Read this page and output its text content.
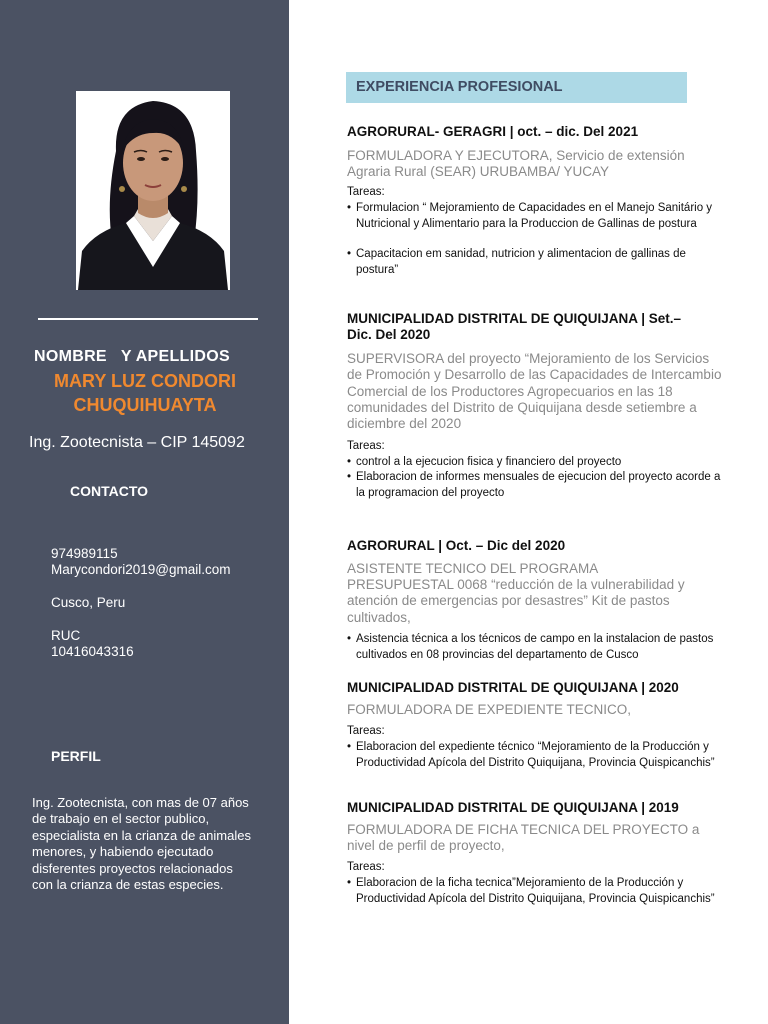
NOMBRE   Y APELLIDOS
MARY LUZ CONDORI
CHUQUIHUAYTA
Ing. Zootecnista – CIP 145092
CONTACTO
974989115
Marycondori2019@gmail.com
Cusco, Peru
RUC
10416043316
PERFIL
Ing. Zootecnista, con mas de 07 años de trabajo en el sector publico, especialista en la crianza de animales menores, y habiendo ejecutado disferentes proyectos relacionados con la crianza de estas especies.
EXPERIENCIA PROFESIONAL
AGRORURAL- GERAGRI | oct. – dic. Del 2021
FORMULADORA Y EJECUTORA, Servicio de extensión
Agraria Rural (SEAR) URUBAMBA/ YUCAY
Tareas:
• Formulacion “ Mejoramiento de Capacidades en el Manejo Sanitário y Nutricional y Alimentario para la Produccion de Gallinas de postura
• Capacitacion em sanidad, nutricion y alimentacion de gallinas de postura”
MUNICIPALIDAD DISTRITAL DE QUIQUIJANA | Set.–
Dic. Del 2020
SUPERVISORA del proyecto “Mejoramiento de los Servicios de Promoción y Desarrollo de las Capacidades de Intercambio Comercial de los Productores Agropecuarios en las 18 comunidades del Distrito de Quiquijana desde setiembre a diciembre del 2020
Tareas:
• control a la ejecucion fisica y financiero del proyecto
• Elaboracion de informes mensuales de ejecucion del proyecto acorde a la programacion del proyecto
AGRORURAL | Oct. – Dic del 2020
ASISTENTE TECNICO DEL PROGRAMA
PRESUPUESTAL 0068 “reducción de la vulnerabilidad y atención de emergencias por desastres” Kit de pastos cultivados,
• Asistencia técnica a los técnicos de campo en la instalacion de pastos cultivados en 08 provincias del departamento de Cusco
MUNICIPALIDAD DISTRITAL DE QUIQUIJANA | 2020
FORMULADORA DE EXPEDIENTE TECNICO,
Tareas:
• Elaboracion del expediente técnico “Mejoramiento de la Producción y Productividad Apícola del Distrito Quiquijana, Provincia Quispicanchis”
MUNICIPALIDAD DISTRITAL DE QUIQUIJANA | 2019
FORMULADORA DE FICHA TECNICA DEL PROYECTO a
nivel de perfil de proyecto,
Tareas:
• Elaboracion de la ficha tecnica”Mejoramiento de la Producción y Productividad Apícola del Distrito Quiquijana, Provincia Quispicanchis”
